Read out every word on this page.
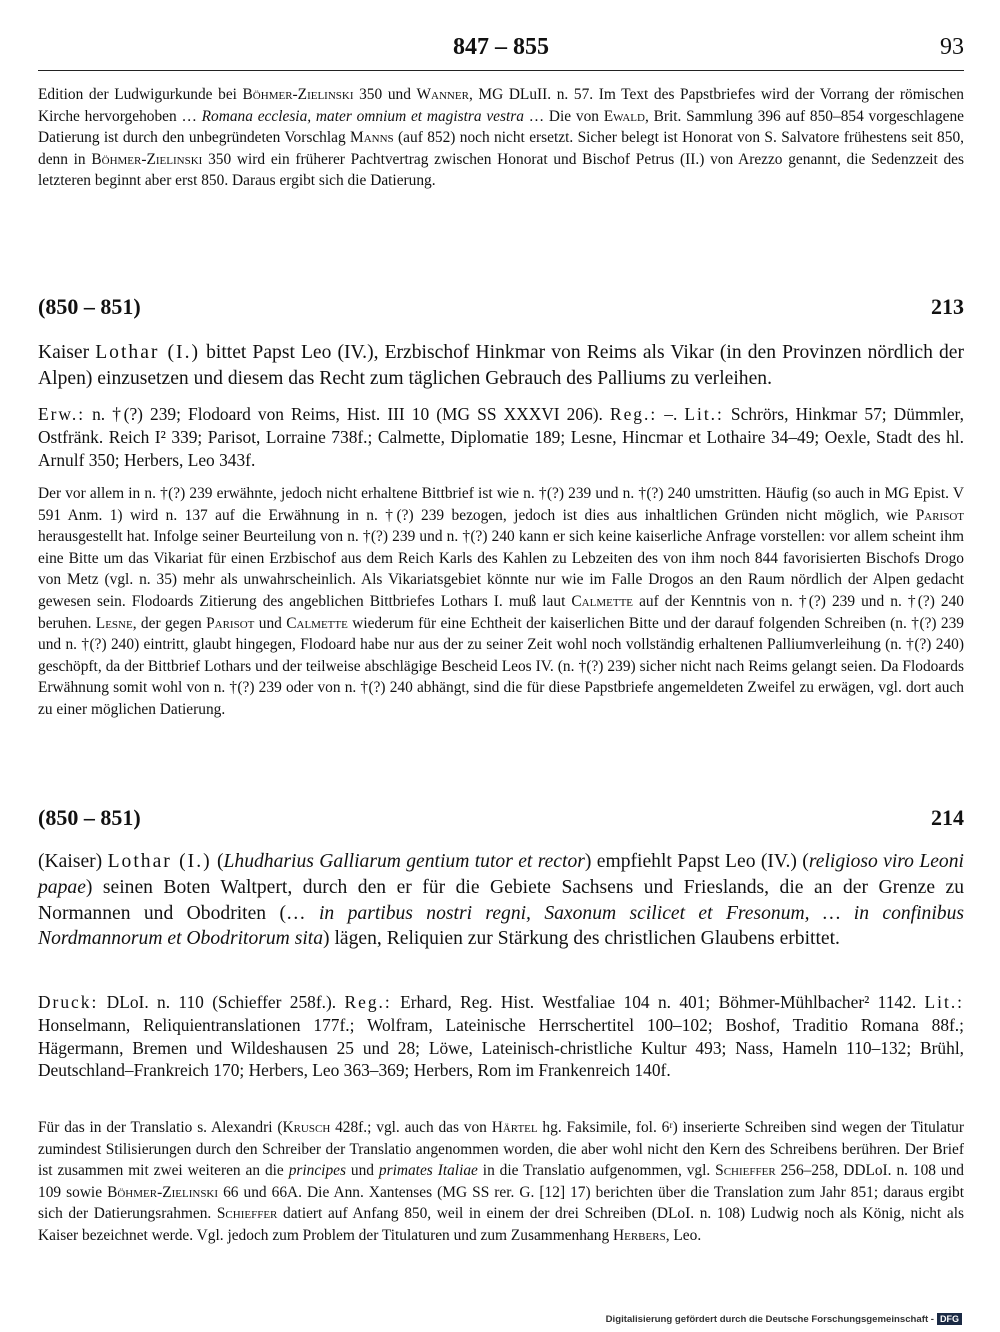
847 – 855	93

Edition der Ludwigurkunde bei Böhmer-Zielinski 350 und Wanner, MG DLuII. n. 57. Im Text des Papstbriefes wird der Vorrang der römischen Kirche hervorgehoben … Romana ecclesia, mater omnium et magistra vestra … Die von Ewald, Brit. Sammlung 396 auf 850–854 vorgeschlagene Datierung ist durch den unbegründeten Vorschlag Manns (auf 852) noch nicht ersetzt. Sicher belegt ist Honorat von S. Salvatore frühestens seit 850, denn in Böhmer-Zielinski 350 wird ein früherer Pachtvertrag zwischen Honorat und Bischof Petrus (II.) von Arezzo genannt, die Sedenzzeit des letzteren beginnt aber erst 850. Daraus ergibt sich die Datierung.

(850 – 851)	213

Kaiser Lothar (I.) bittet Papst Leo (IV.), Erzbischof Hinkmar von Reims als Vikar (in den Provinzen nördlich der Alpen) einzusetzen und diesem das Recht zum täglichen Gebrauch des Palliums zu verleihen.

Erw.: n. †(?) 239; Flodoard von Reims, Hist. III 10 (MG SS XXXVI 206). Reg.: –. Lit.: Schrörs, Hinkmar 57; Dümmler, Ostfränk. Reich I² 339; Parisot, Lorraine 738f.; Calmette, Diplomatie 189; Lesne, Hincmar et Lothaire 34–49; Oexle, Stadt des hl. Arnulf 350; Herbers, Leo 343f.

Der vor allem in n. †(?) 239 erwähnte, jedoch nicht erhaltene Bittbrief ist wie n. †(?) 239 und n. †(?) 240 umstritten. Häufig (so auch in MG Epist. V 591 Anm. 1) wird n. 137 auf die Erwähnung in n. †(?) 239 bezogen, jedoch ist dies aus inhaltlichen Gründen nicht möglich, wie Parisot herausgestellt hat. Infolge seiner Beurteilung von n. †(?) 239 und n. †(?) 240 kann er sich keine kaiserliche Anfrage vorstellen: vor allem scheint ihm eine Bitte um das Vikariat für einen Erzbischof aus dem Reich Karls des Kahlen zu Lebzeiten des von ihm noch 844 favorisierten Bischofs Drogo von Metz (vgl. n. 35) mehr als unwahrscheinlich. Als Vikariatsgebiet könnte nur wie im Falle Drogos an den Raum nördlich der Alpen gedacht gewesen sein. Flodoards Zitierung des angeblichen Bittbriefes Lothars I. muß laut Calmette auf der Kenntnis von n. †(?) 239 und n. †(?) 240 beruhen. Lesne, der gegen Parisot und Calmette wiederum für eine Echtheit der kaiserlichen Bitte und der darauf folgenden Schreiben (n. †(?) 239 und n. †(?) 240) eintritt, glaubt hingegen, Flodoard habe nur aus der zu seiner Zeit wohl noch vollständig erhaltenen Palliumverleihung (n. †(?) 240) geschöpft, da der Bittbrief Lothars und der teilweise abschlägige Bescheid Leos IV. (n. †(?) 239) sicher nicht nach Reims gelangt seien. Da Flodoards Erwähnung somit wohl von n. †(?) 239 oder von n. †(?) 240 abhängt, sind die für diese Papstbriefe angemeldeten Zweifel zu erwägen, vgl. dort auch zu einer möglichen Datierung.

(850 – 851)	214

(Kaiser) Lothar (I.) (Lhudharius Galliarum gentium tutor et rector) empfiehlt Papst Leo (IV.) (religioso viro Leoni papae) seinen Boten Waltpert, durch den er für die Gebiete Sachsens und Frieslands, die an der Grenze zu Normannen und Obodriten (… in partibus nostri regni, Saxonum scilicet et Fresonum, … in confinibus Nordmannorum et Obodritorum sita) lägen, Reliquien zur Stärkung des christlichen Glaubens erbittet.

Druck: DLoI. n. 110 (Schieffer 258f.). Reg.: Erhard, Reg. Hist. Westfaliae 104 n. 401; Böhmer-Mühlbacher² 1142. Lit.: Honselmann, Reliquientranslationen 177f.; Wolfram, Lateinische Herrschertitel 100–102; Boshof, Traditio Romana 88f.; Hägermann, Bremen und Wildeshausen 25 und 28; Löwe, Lateinisch-christliche Kultur 493; Nass, Hameln 110–132; Brühl, Deutschland–Frankreich 170; Herbers, Leo 363–369; Herbers, Rom im Frankenreich 140f.

Für das in der Translatio s. Alexandri (Krusch 428f.; vgl. auch das von Härtel hg. Faksimile, fol. 6ʳ) inserierte Schreiben sind wegen der Titulatur zumindest Stilisierungen durch den Schreiber der Translatio angenommen worden, die aber wohl nicht den Kern des Schreibens berühren. Der Brief ist zusammen mit zwei weiteren an die principes und primates Italiae in die Translatio aufgenommen, vgl. Schieffer 256–258, DDLoI. n. 108 und 109 sowie Böhmer-Zielinski 66 und 66A. Die Ann. Xantenses (MG SS rer. G. [12] 17) berichten über die Translation zum Jahr 851; daraus ergibt sich der Datierungsrahmen. Schieffer datiert auf Anfang 850, weil in einem der drei Schreiben (DLoI. n. 108) Ludwig noch als König, nicht als Kaiser bezeichnet werde. Vgl. jedoch zum Problem der Titulaturen und zum Zusammenhang Herbers, Leo.

Digitalisierung gefördert durch die Deutsche Forschungsgemeinschaft - DFG
